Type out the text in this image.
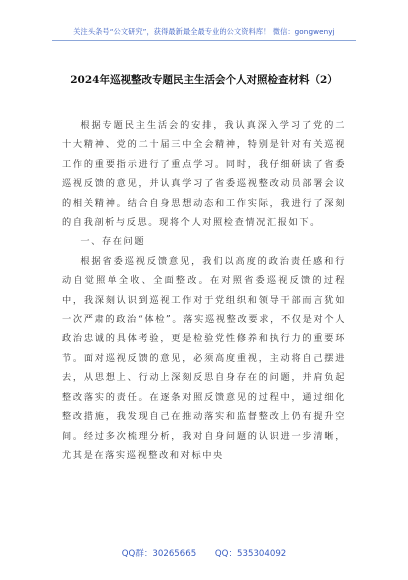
关注头条号“公文研究”，获得最新最全最专业的公文资料库！ 微信：gongwenyj
2024年巡视整改专题民主生活会个人对照检查材料（2）

根据专题民主生活会的安排，我认真深入学习了党的二十大精神、党的二十届三中全会精神，特别是针对有关巡视工作的重要指示进行了重点学习。同时，我仔细研读了省委巡视反馈的意见，并认真学习了省委巡视整改动员部署会议的相关精神。结合自身思想动态和工作实际，我进行了深刻的自我剖析与反思。现将个人对照检查情况汇报如下。

一、存在问题

根据省委巡视反馈意见，我们以高度的政治责任感和行动自觉照单全收、全面整改。在对照省委巡视反馈的过程中，我深刻认识到巡视工作对于党组织和领导干部而言犹如一次严肃的政治“体检”。落实巡视整改要求，不仅是对个人政治忠诚的具体考验，更是检验党性修养和执行力的重要环节。面对巡视反馈的意见，必须高度重视，主动将自己摆进去，从思想上、行动上深刻反思自身存在的问题，并肩负起整改落实的责任。在逐条对照反馈意见的过程中，通过细化整改措施，我发现自己在推动落实和监督整改上仍有提升空间。经过多次梳理分析，我对自身问题的认识进一步清晰，尤其是在落实巡视整改和对标中央

QQ群：30265665 QQ：535304092
